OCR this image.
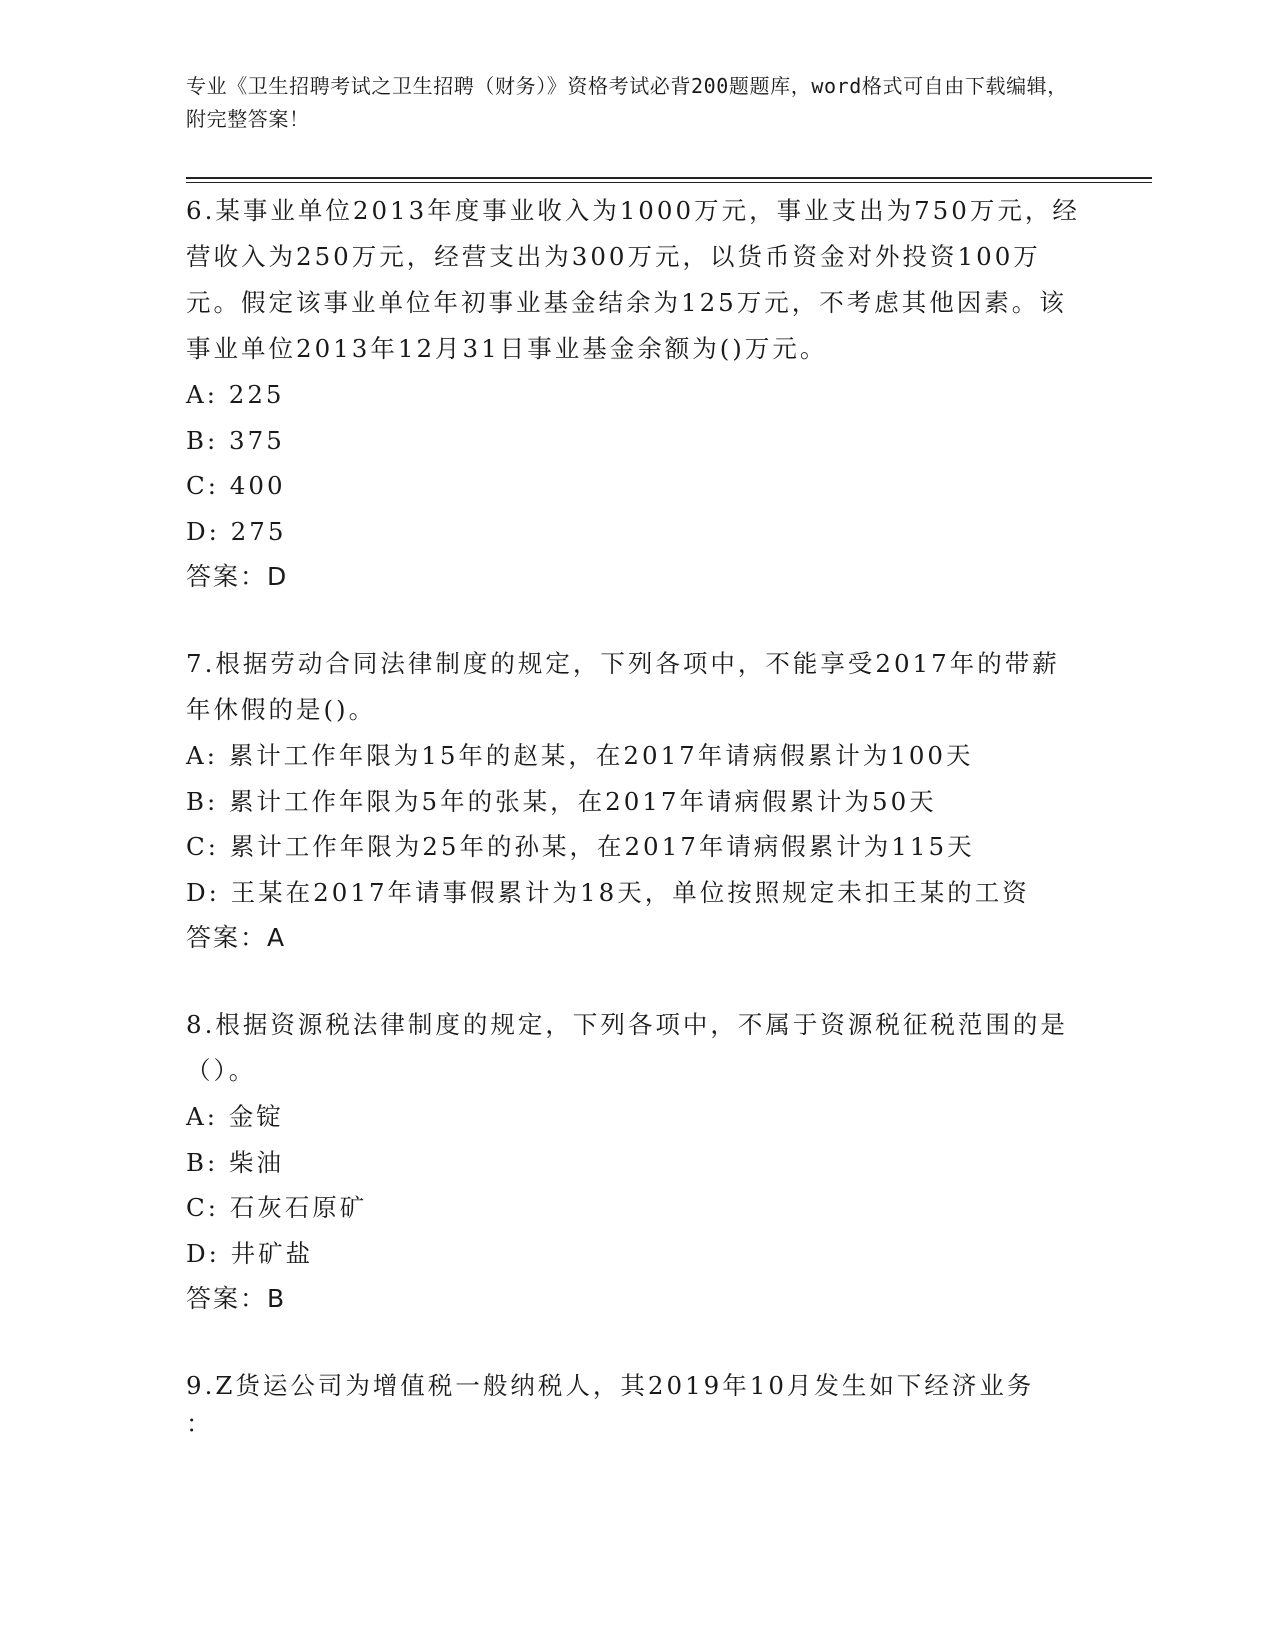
专业《卫生招聘考试之卫生招聘（财务）》资格考试必背200题题库，word格式可自由下载编辑，附完整答案！
6.某事业单位2013年度事业收入为1000万元，事业支出为750万元，经营收入为250万元，经营支出为300万元，以货币资金对外投资100万元。假定该事业单位年初事业基金结余为125万元，不考虑其他因素。该事业单位2013年12月31日事业基金余额为()万元。
A: 225
B: 375
C: 400
D: 275
答案：D
7.根据劳动合同法律制度的规定，下列各项中，不能享受2017年的带薪年休假的是()。
A: 累计工作年限为15年的赵某，在2017年请病假累计为100天
B: 累计工作年限为5年的张某，在2017年请病假累计为50天
C: 累计工作年限为25年的孙某，在2017年请病假累计为115天
D: 王某在2017年请事假累计为18天，单位按照规定未扣王某的工资
答案：A
8.根据资源税法律制度的规定，下列各项中，不属于资源税征税范围的是（）。
A: 金锭
B: 柴油
C: 石灰石原矿
D: 井矿盐
答案：B
9.Z货运公司为增值税一般纳税人，其2019年10月发生如下经济业务
：
